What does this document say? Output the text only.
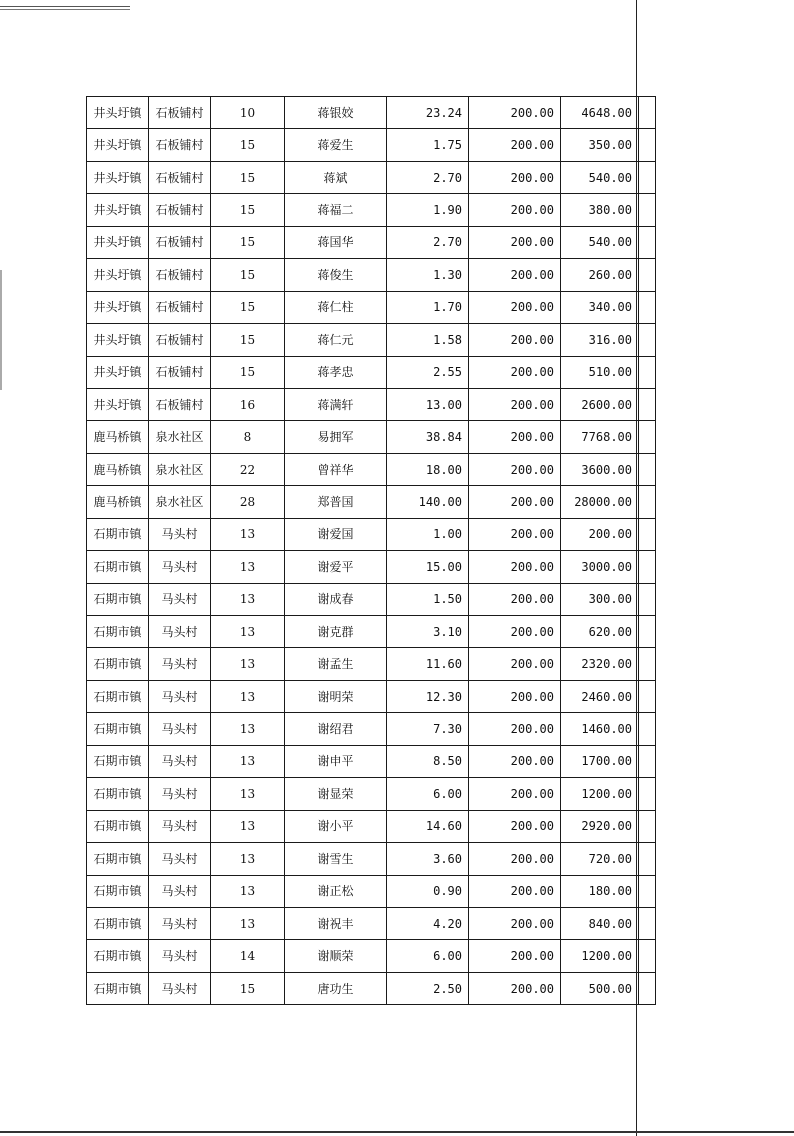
井头圩镇	石板铺村	10	蒋银姣	23.24	200.00	4648.00	
井头圩镇	石板铺村	15	蒋爱生	1.75	200.00	350.00	
井头圩镇	石板铺村	15	蒋斌	2.70	200.00	540.00	
井头圩镇	石板铺村	15	蒋福二	1.90	200.00	380.00	
井头圩镇	石板铺村	15	蒋国华	2.70	200.00	540.00	
井头圩镇	石板铺村	15	蒋俊生	1.30	200.00	260.00	
井头圩镇	石板铺村	15	蒋仁柱	1.70	200.00	340.00	
井头圩镇	石板铺村	15	蒋仁元	1.58	200.00	316.00	
井头圩镇	石板铺村	15	蒋孝忠	2.55	200.00	510.00	
井头圩镇	石板铺村	16	蒋满轩	13.00	200.00	2600.00	
鹿马桥镇	泉水社区	8	易拥军	38.84	200.00	7768.00	
鹿马桥镇	泉水社区	22	曾祥华	18.00	200.00	3600.00	
鹿马桥镇	泉水社区	28	郑普国	140.00	200.00	28000.00	
石期市镇	马头村	13	谢爱国	1.00	200.00	200.00	
石期市镇	马头村	13	谢爱平	15.00	200.00	3000.00	
石期市镇	马头村	13	谢成春	1.50	200.00	300.00	
石期市镇	马头村	13	谢克群	3.10	200.00	620.00	
石期市镇	马头村	13	谢孟生	11.60	200.00	2320.00	
石期市镇	马头村	13	谢明荣	12.30	200.00	2460.00	
石期市镇	马头村	13	谢绍君	7.30	200.00	1460.00	
石期市镇	马头村	13	谢申平	8.50	200.00	1700.00	
石期市镇	马头村	13	谢显荣	6.00	200.00	1200.00	
石期市镇	马头村	13	谢小平	14.60	200.00	2920.00	
石期市镇	马头村	13	谢雪生	3.60	200.00	720.00	
石期市镇	马头村	13	谢正松	0.90	200.00	180.00	
石期市镇	马头村	13	谢祝丰	4.20	200.00	840.00	
石期市镇	马头村	14	谢顺荣	6.00	200.00	1200.00	
石期市镇	马头村	15	唐功生	2.50	200.00	500.00	
